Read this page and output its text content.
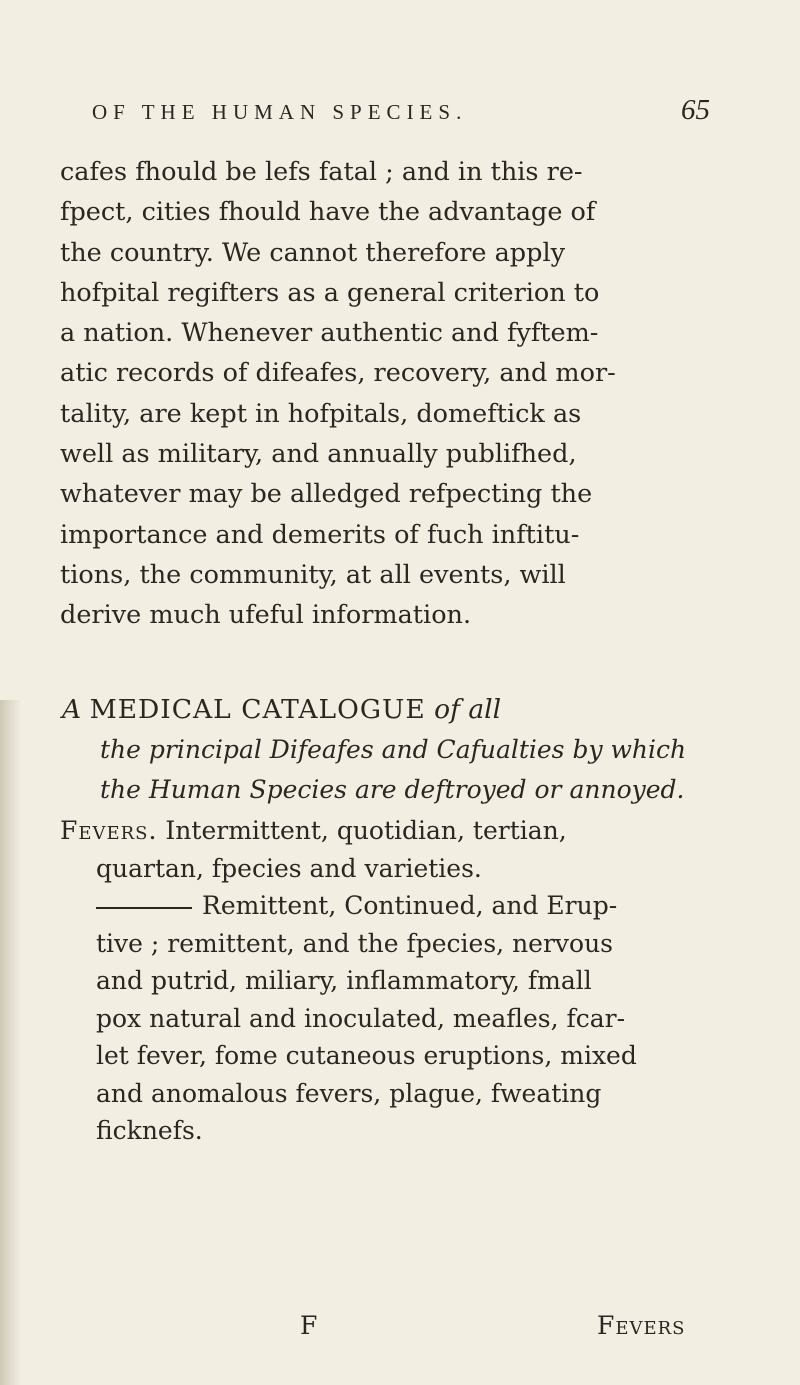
OF THE HUMAN SPECIES.	65
cafes fhould be lefs fatal ; and in this re-
fpect, cities fhould have the advantage of
the country. We cannot therefore apply
hofpital regifters as a general criterion to
a nation. Whenever authentic and fyftem-
atic records of difeafes, recovery, and mor-
tality, are kept in hofpitals, domeftick as
well as military, and annually publifhed,
whatever may be alledged refpecting the
importance and demerits of fuch inftitu-
tions, the community, at all events, will
derive much ufeful information.
A MEDICAL CATALOGUE of all
the principal Difeafes and Cafualties by which
the Human Species are deftroyed or annoyed.
Fevers. Intermittent, quotidian, tertian,
quartan, fpecies and varieties.
Remittent, Continued, and Erup-
tive ; remittent, and the fpecies, nervous
and putrid, miliary, inflammatory, fmall
pox natural and inoculated, meafles, fcar-
let fever, fome cutaneous eruptions, mixed
and anomalous fevers, plague, fweating
ficknefs.
F	Fevers
